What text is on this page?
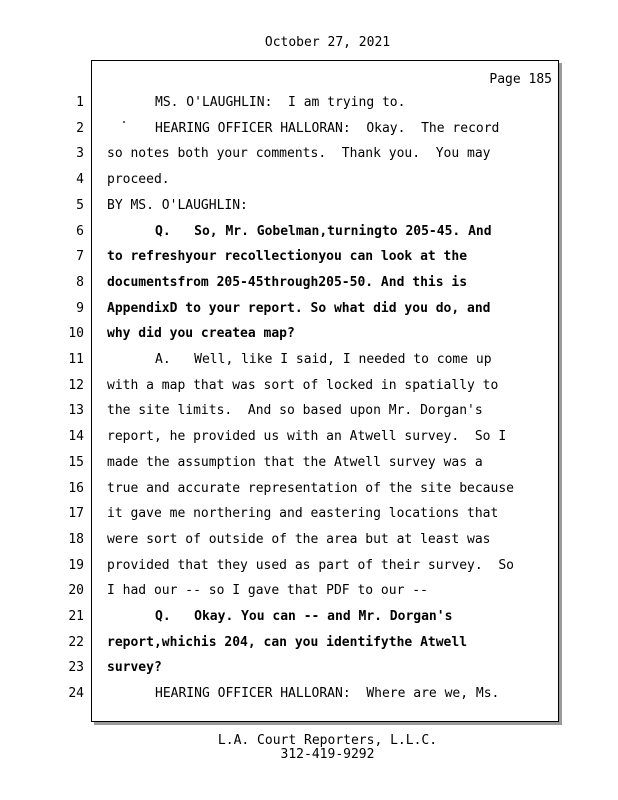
October 27, 2021
Page 185
1	MS. O'LAUGHLIN:  I am trying to.
2	HEARING OFFICER HALLORAN:  Okay.  The record
3 so notes both your comments.  Thank you.  You may
4 proceed.
5 BY MS. O'LAUGHLIN:
6	Q.   So, Mr. Gobelman,turningto 205-45. And
7 to refreshyour recollectionyou can look at the
8 documentsfrom 205-45through205-50. And this is
9 AppendixD to your report. So what did you do, and
10 why did you createa map?
11	A.   Well, like I said, I needed to come up
12 with a map that was sort of locked in spatially to
13 the site limits.  And so based upon Mr. Dorgan's
14 report, he provided us with an Atwell survey.  So I
15 made the assumption that the Atwell survey was a
16 true and accurate representation of the site because
17 it gave me northering and eastering locations that
18 were sort of outside of the area but at least was
19 provided that they used as part of their survey.  So
20 I had our -- so I gave that PDF to our --
21	Q.   Okay. You can -- and Mr. Dorgan's
22 report,whichis 204, can you identifythe Atwell
23 survey?
24	HEARING OFFICER HALLORAN:  Where are we, Ms.
L.A. Court Reporters, L.L.C.
312-419-9292
